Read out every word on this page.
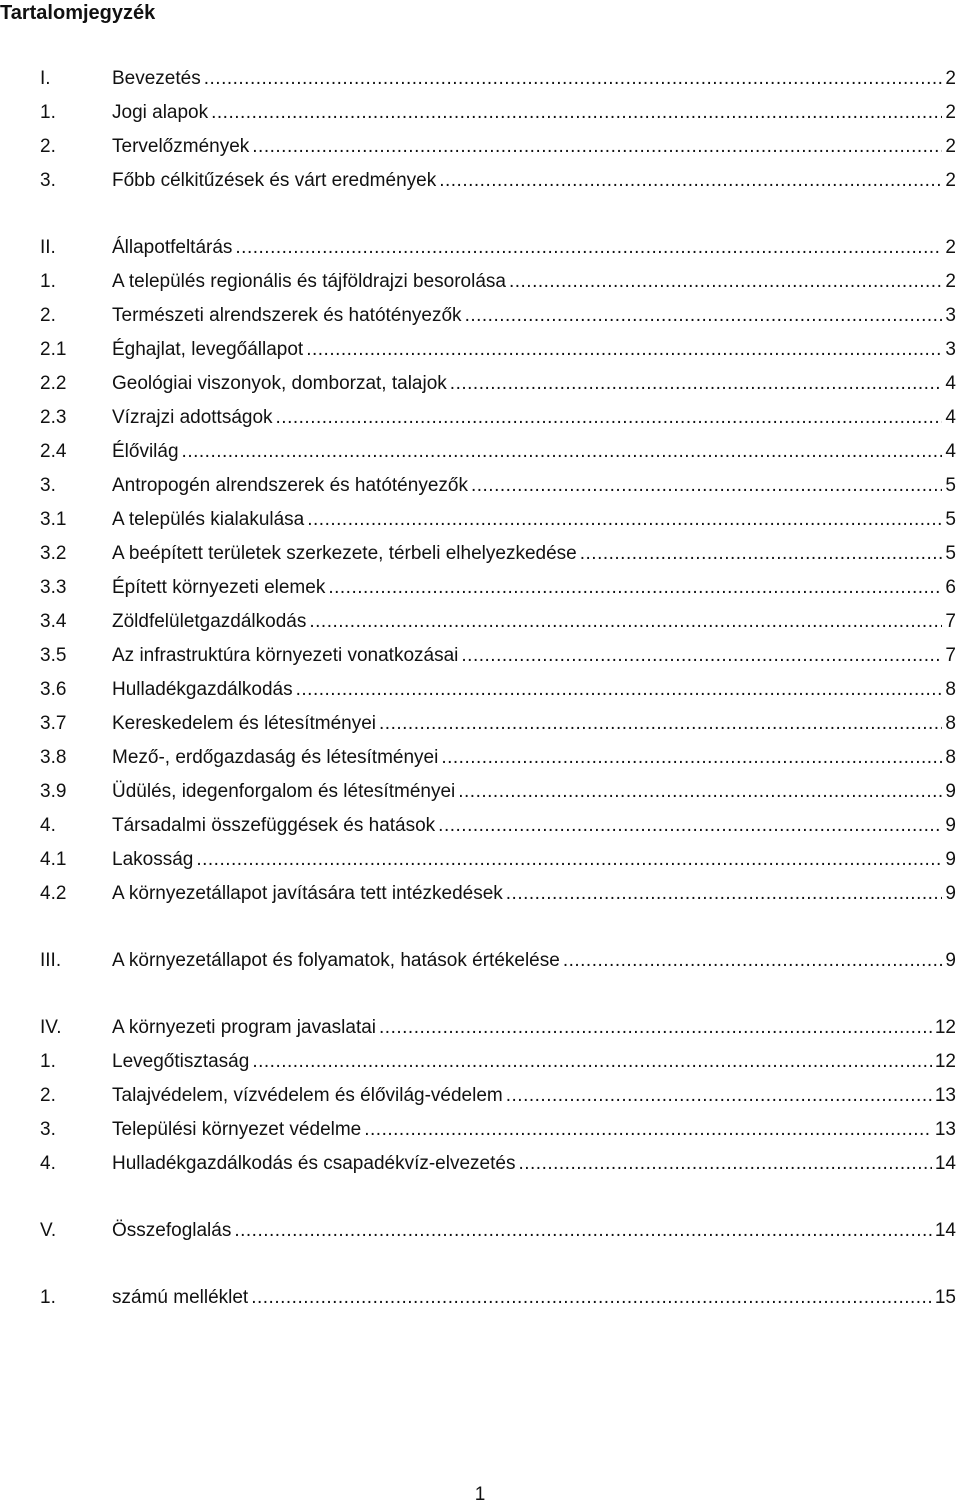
Tartalomjegyzék
I.	Bevezetés .....	2
1.	Jogi alapok .....	2
2.	Tervelőzmények .....	2
3.	Főbb célkitűzések és várt eredmények .....	2
II.	Állapotfeltárás .....	2
1.	A település regionális és tájföldrajzi besorolása .....	2
2.	Természeti alrendszerek és hatótényezők .....	3
2.1	Éghajlat, levegőállapot .....	3
2.2	Geológiai viszonyok, domborzat, talajok .....	4
2.3	Vízrajzi adottságok .....	4
2.4	Élővilág .....	4
3.	Antropogén alrendszerek és hatótényezők .....	5
3.1	A település kialakulása .....	5
3.2	A beépített területek szerkezete, térbeli elhelyezkedése .....	5
3.3	Épített környezeti elemek .....	6
3.4	Zöldfelületgazdálkodás .....	7
3.5	Az infrastruktúra környezeti vonatkozásai .....	7
3.6	Hulladékgazdálkodás .....	8
3.7	Kereskedelem és létesítményei .....	8
3.8	Mező-, erdőgazdaság és létesítményei .....	8
3.9	Üdülés, idegenforgalom és létesítményei .....	9
4.	Társadalmi összefüggések és hatások .....	9
4.1	Lakosság .....	9
4.2	A környezetállapot javítására tett intézkedések .....	9
III.	A környezetállapot és folyamatok, hatások értékelése .....	9
IV.	A környezeti program javaslatai .....	12
1.	Levegőtisztaság .....	12
2.	Talajvédelem, vízvédelem és élővilág-védelem .....	13
3.	Települési környezet védelme .....	13
4.	Hulladékgazdálkodás és csapadékvíz-elvezetés .....	14
V.	Összefoglalás .....	14
1.	számú melléklet .....	15
1
